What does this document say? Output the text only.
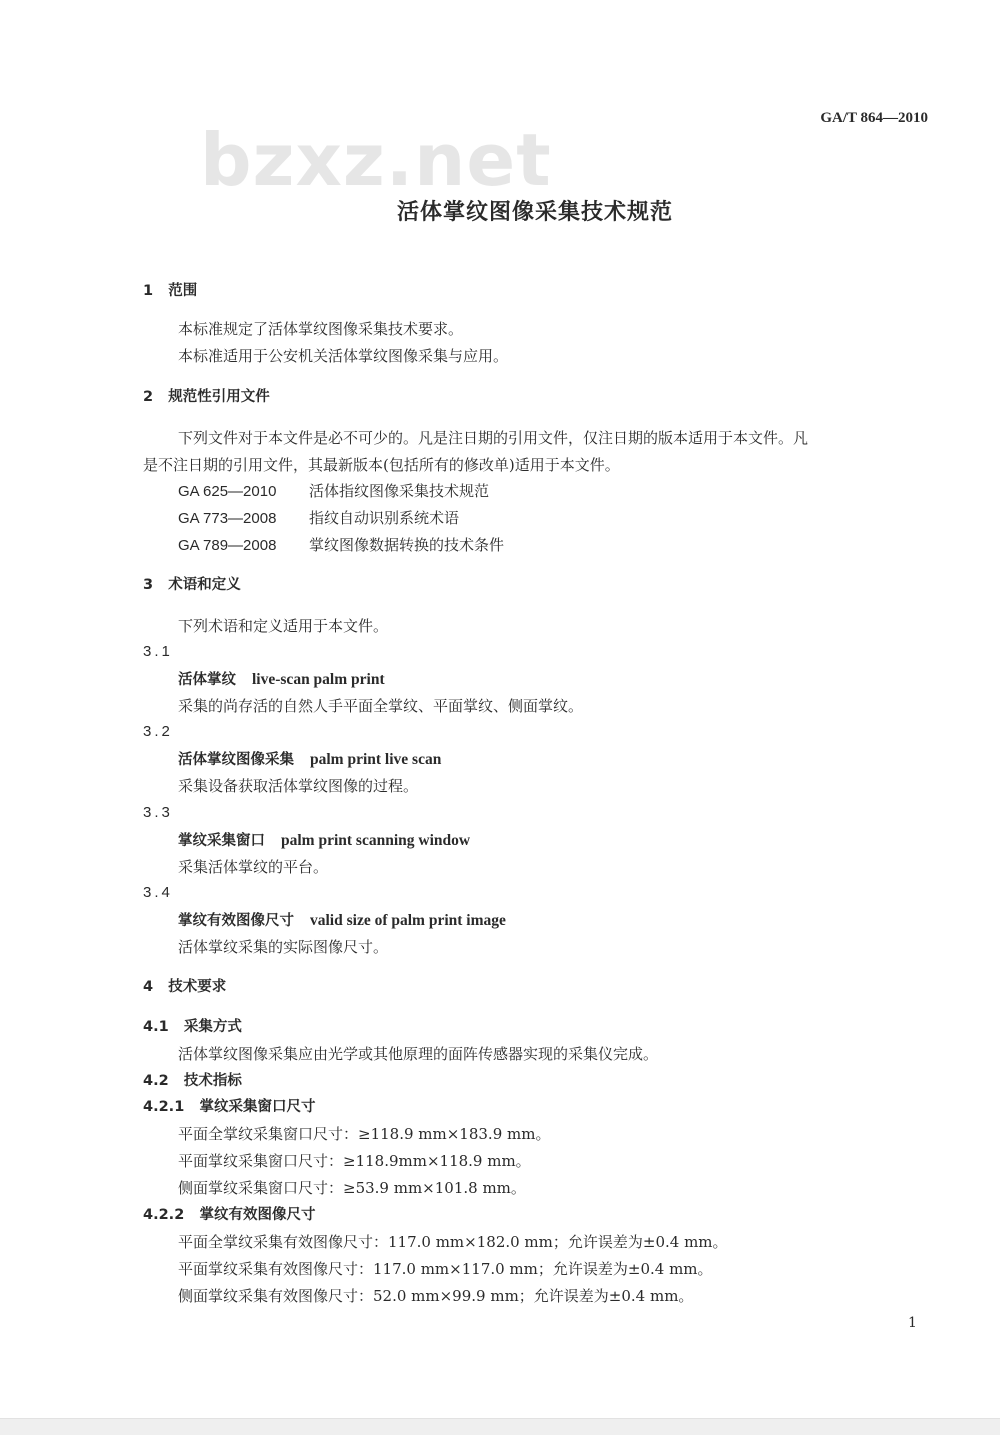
bzxz.net	GA/T 864—2010
活体掌纹图像采集技术规范
1 范围
本标准规定了活体掌纹图像采集技术要求。
本标准适用于公安机关活体掌纹图像采集与应用。
2 规范性引用文件
下列文件对于本文件是必不可少的。凡是注日期的引用文件，仅注日期的版本适用于本文件。凡
是不注日期的引用文件，其最新版本(包括所有的修改单)适用于本文件。
GA 625—2010 活体指纹图像采集技术规范
GA 773—2008 指纹自动识别系统术语
GA 789—2008 掌纹图像数据转换的技术条件
3 术语和定义
下列术语和定义适用于本文件。
3.1
活体掌纹 live-scan palm print
采集的尚存活的自然人手平面全掌纹、平面掌纹、侧面掌纹。
3.2
活体掌纹图像采集 palm print live scan
采集设备获取活体掌纹图像的过程。
3.3
掌纹采集窗口 palm print scanning window
采集活体掌纹的平台。
3.4
掌纹有效图像尺寸 valid size of palm print image
活体掌纹采集的实际图像尺寸。
4 技术要求
4.1 采集方式
活体掌纹图像采集应由光学或其他原理的面阵传感器实现的采集仪完成。
4.2 技术指标
4.2.1 掌纹采集窗口尺寸
平面全掌纹采集窗口尺寸：≥118.9 mm×183.9 mm。
平面掌纹采集窗口尺寸：≥118.9mm×118.9 mm。
侧面掌纹采集窗口尺寸：≥53.9 mm×101.8 mm。
4.2.2 掌纹有效图像尺寸
平面全掌纹采集有效图像尺寸：117.0 mm×182.0 mm；允许误差为±0.4 mm。
平面掌纹采集有效图像尺寸：117.0 mm×117.0 mm；允许误差为±0.4 mm。
侧面掌纹采集有效图像尺寸：52.0 mm×99.9 mm；允许误差为±0.4 mm。
1
